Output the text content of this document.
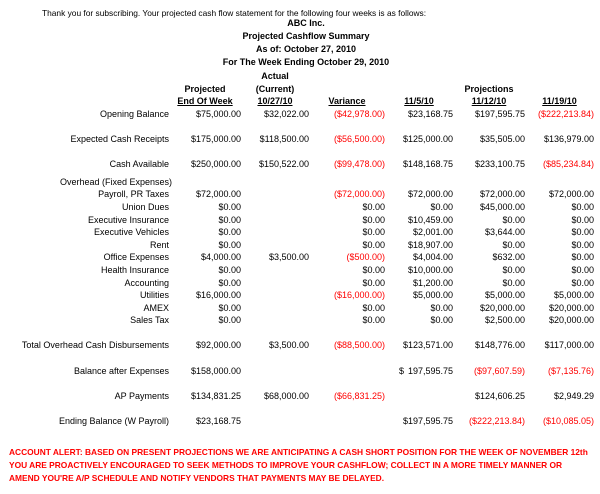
Thank you for subscribing. Your projected cash flow statement for the following four weeks is as follows:
ABC Inc.
Projected Cashflow Summary
As of: October 27, 2010
For The Week Ending October 29, 2010
		Actual				
	Projected	(Current)			Projections	
	End Of Week	10/27/10	Variance	11/5/10	11/12/10	11/19/10
Opening Balance	$75,000.00	$32,022.00	($42,978.00)	$23,168.75	$197,595.75	($222,213.84)

Expected Cash Receipts	$175,000.00	$118,500.00	($56,500.00)	$125,000.00	$35,505.00	$136,979.00

Cash Available	$250,000.00	$150,522.00	($99,478.00)	$148,168.75	$233,100.75	($85,234.84)

Overhead (Fixed Expenses)						
Payroll, PR Taxes	$72,000.00		($72,000.00)	$72,000.00	$72,000.00	$72,000.00
Union Dues	$0.00		$0.00	$0.00	$45,000.00	$0.00
Executive Insurance	$0.00		$0.00	$10,459.00	$0.00	$0.00
Executive Vehicles	$0.00		$0.00	$2,001.00	$3,644.00	$0.00
Rent	$0.00		$0.00	$18,907.00	$0.00	$0.00
Office Expenses	$4,000.00	$3,500.00	($500.00)	$4,004.00	$632.00	$0.00
Health Insurance	$0.00		$0.00	$10,000.00	$0.00	$0.00
Accounting	$0.00		$0.00	$1,200.00	$0.00	$0.00
Utilities	$16,000.00		($16,000.00)	$5,000.00	$5,000.00	$5,000.00
AMEX	$0.00		$0.00	$0.00	$20,000.00	$20,000.00
Sales Tax	$0.00		$0.00	$0.00	$2,500.00	$20,000.00

Total Overhead Cash Disbursements	$92,000.00	$3,500.00	($88,500.00)	$123,571.00	$148,776.00	$117,000.00

Balance after Expenses	$158,000.00			$ 197,595.75	($97,607.59)	($7,135.76)

AP Payments	$134,831.25	$68,000.00	($66,831.25)		$124,606.25	$2,949.29

Ending Balance (W Payroll)	$23,168.75			$197,595.75	($222,213.84)	($10,085.05)
ACCOUNT ALERT: BASED ON PRESENT PROJECTIONS WE ARE ANTICIPATING A CASH SHORT POSITION FOR THE WEEK OF NOVEMBER 12th
YOU ARE PROACTIVELY ENCOURAGED TO SEEK METHODS TO IMPROVE YOUR CASHFLOW; COLLECT IN A MORE TIMELY MANNER OR
AMEND YOU'RE A/P SCHEDULE AND NOTIFY VENDORS THAT PAYMENTS MAY BE DELAYED.
